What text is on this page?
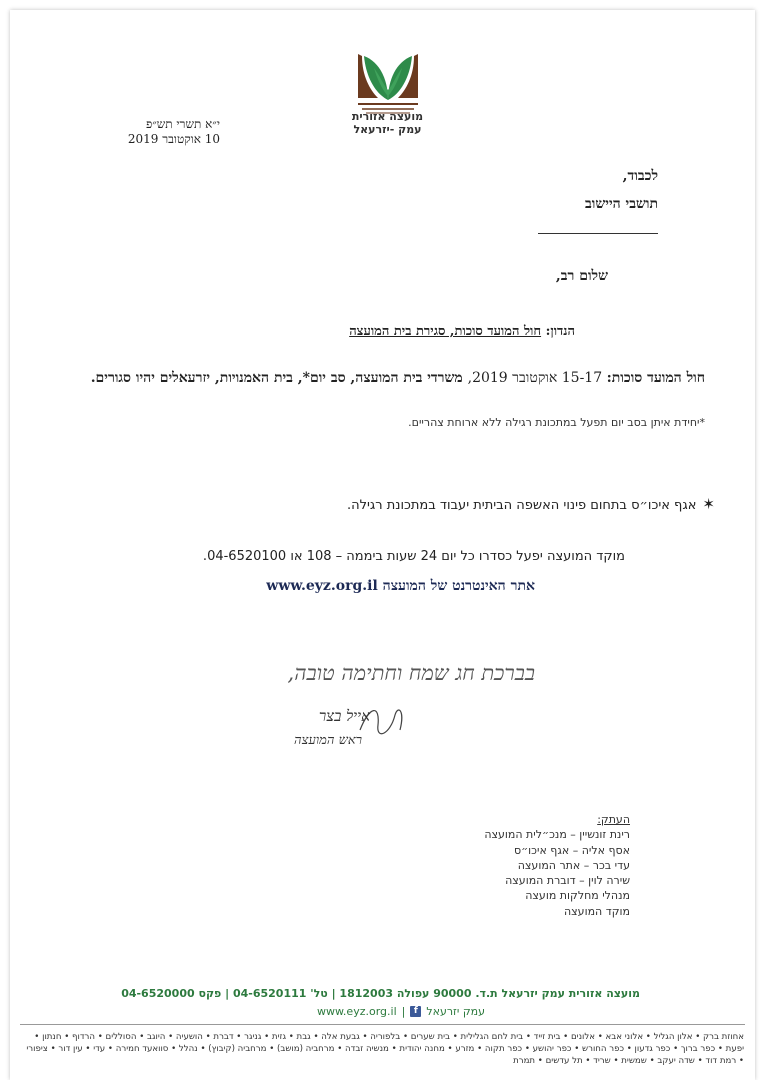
מועצה אזורית
עמק -יזרעאל
י״א תשרי תש״פ
10 אוקטובר 2019
לכבוד,
תושבי היישוב
שלום רב,
הנדון: חול המועד סוכות, סגירת בית המועצה
חול המועד סוכות: 15-17 אוקטובר 2019, משרדי בית המועצה, סב יום*, בית האמנויות, יזרעאלים יהיו סגורים.
*יחידת איתן בסב יום תפעל במתכונת רגילה ללא ארוחת צהריים.
✶אגף איכו״ס בתחום פינוי האשפה הביתית יעבוד במתכונת רגילה.
מוקד המועצה יפעל כסדרו כל יום 24 שעות ביממה – 108 או 04-6520100.
אתר האינטרנט של המועצה www.eyz.org.il
בברכת חג שמח וחתימה טובה,
אייל בצר
ראש המועצה
העתק:
רינת זונשיין – מנכ״לית המועצה
אסף אליה – אגף איכו״ס
עדי בכר – אתר המועצה
שירה לוין – דוברת המועצה
מנהלי מחלקות מועצה
מוקד המועצה
מועצה אזורית עמק יזרעאל ת.ד. 90000 עפולה 1812003 | טל' 04-6520111 | פקס 04-6520000
www.eyz.org.il | f עמק יזרעאל
אחוזת ברק • אלון הגליל • אלוני אבא • אלונים • בית זייד • בית לחם הגלילית • בית שערים • בלפוריה • גבעת אלה • גבת • גזית • גניגר • דברת • הושעיה • היוגב • הסוללים • הרדוף • חנתון • יפעת • כפר ברוך • כפר גדעון • כפר החורש • כפר יהושע • כפר תקוה • מזרע • מחנה יהודית • מנשיה זבדה • מרחביה (מושב) • מרחביה (קיבוץ) • נהלל • סוואעד חמירה • עדי • עין דור • ציפורי • רמת דוד • שדה יעקב • שמשית • שריד • תל עדשים • תמרת
